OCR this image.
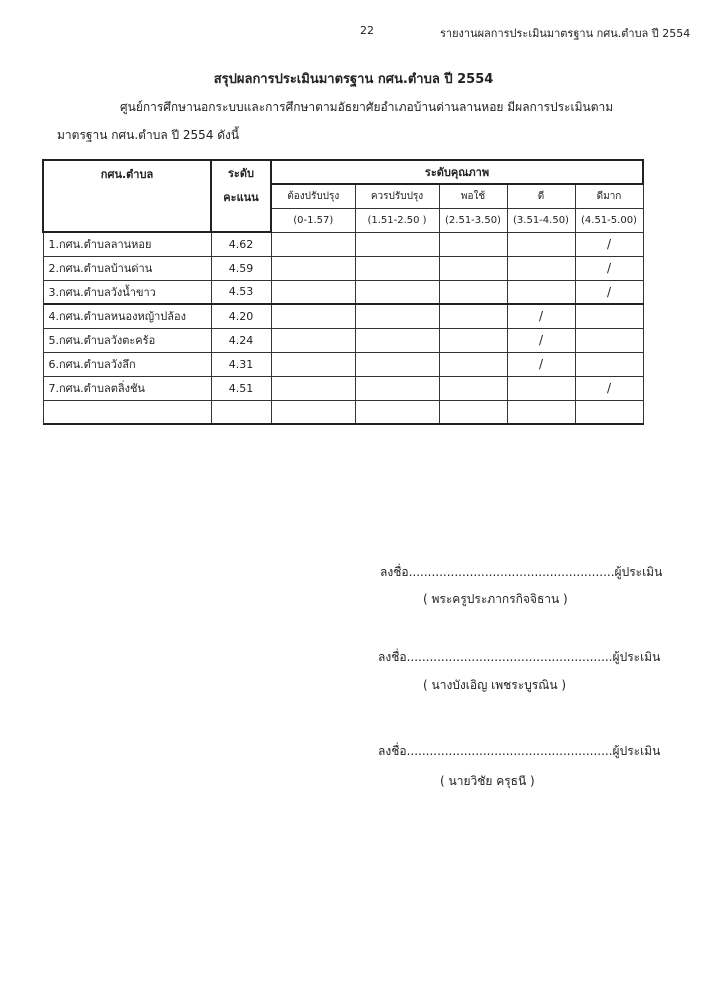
22	รายงานผลการประเมินมาตรฐาน กศน.ตำบล ปี 2554
สรุปผลการประเมินมาตรฐาน กศน.ตำบล ปี 2554
ศูนย์การศึกษานอกระบบและการศึกษาตามอัธยาศัยอำเภอบ้านด่านลานหอย มีผลการประเมินตาม
มาตรฐาน กศน.ตำบล ปี 2554 ดังนี้
กศน.ตำบล	ระดับ	ระดับคุณภาพ				
	คะแนน	ต้องปรับปรุง	ควรปรับปรุง	พอใช้	ดี	ดีมาก
		(0-1.57)	(1.51-2.50 )	(2.51-3.50)	(3.51-4.50)	(4.51-5.00)
1.กศน.ตำบลลานหอย	4.62					/
2.กศน.ตำบลบ้านด่าน	4.59					/
3.กศน.ตำบลวังน้ำขาว	4.53					/
4.กศน.ตำบลหนองหญ้าปล้อง	4.20				/	
5.กศน.ตำบลวังตะคร้อ	4.24				/	
6.กศน.ตำบลวังลึก	4.31				/	
7.กศน.ตำบลตลิ่งชัน	4.51					/

ลงชื่อ......................................................ผู้ประเมิน
( พระครูประภากรกิจจิธาน )
ลงชื่อ......................................................ผู้ประเมิน
( นางบังเอิญ เพชระบูรณิน )
ลงชื่อ......................................................ผู้ประเมิน
( นายวิชัย ครุธนี )
